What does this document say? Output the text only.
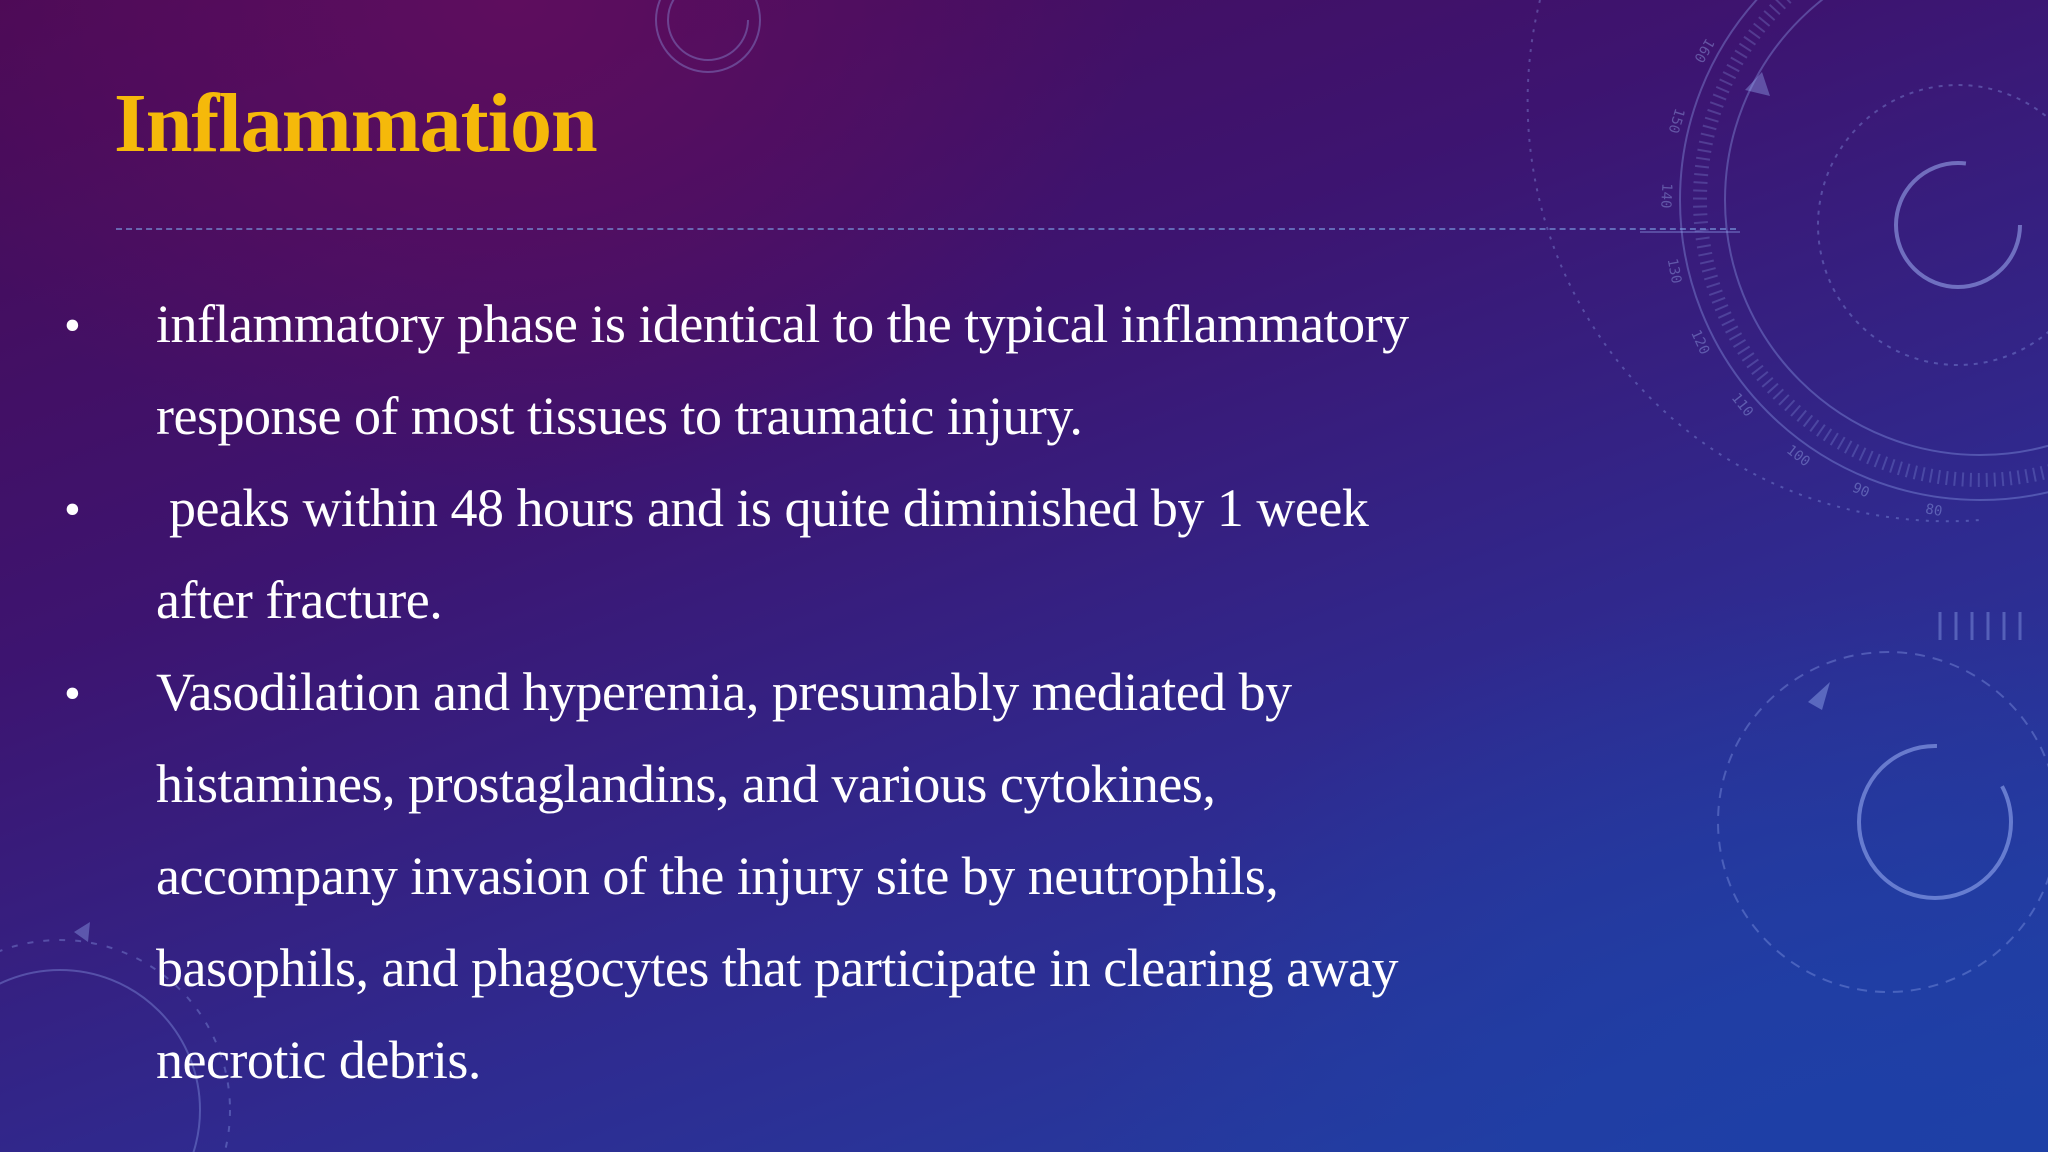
80
90
100
110
120
130
140
150
160
Inflammation
• inflammatory phase is identical to the typical inflammatory
response of most tissues to traumatic injury.
• peaks within 48 hours and is quite diminished by 1 week
after fracture.
• Vasodilation and hyperemia, presumably mediated by
histamines, prostaglandins, and various cytokines,
accompany invasion of the injury site by neutrophils,
basophils, and phagocytes that participate in clearing away
necrotic debris.
